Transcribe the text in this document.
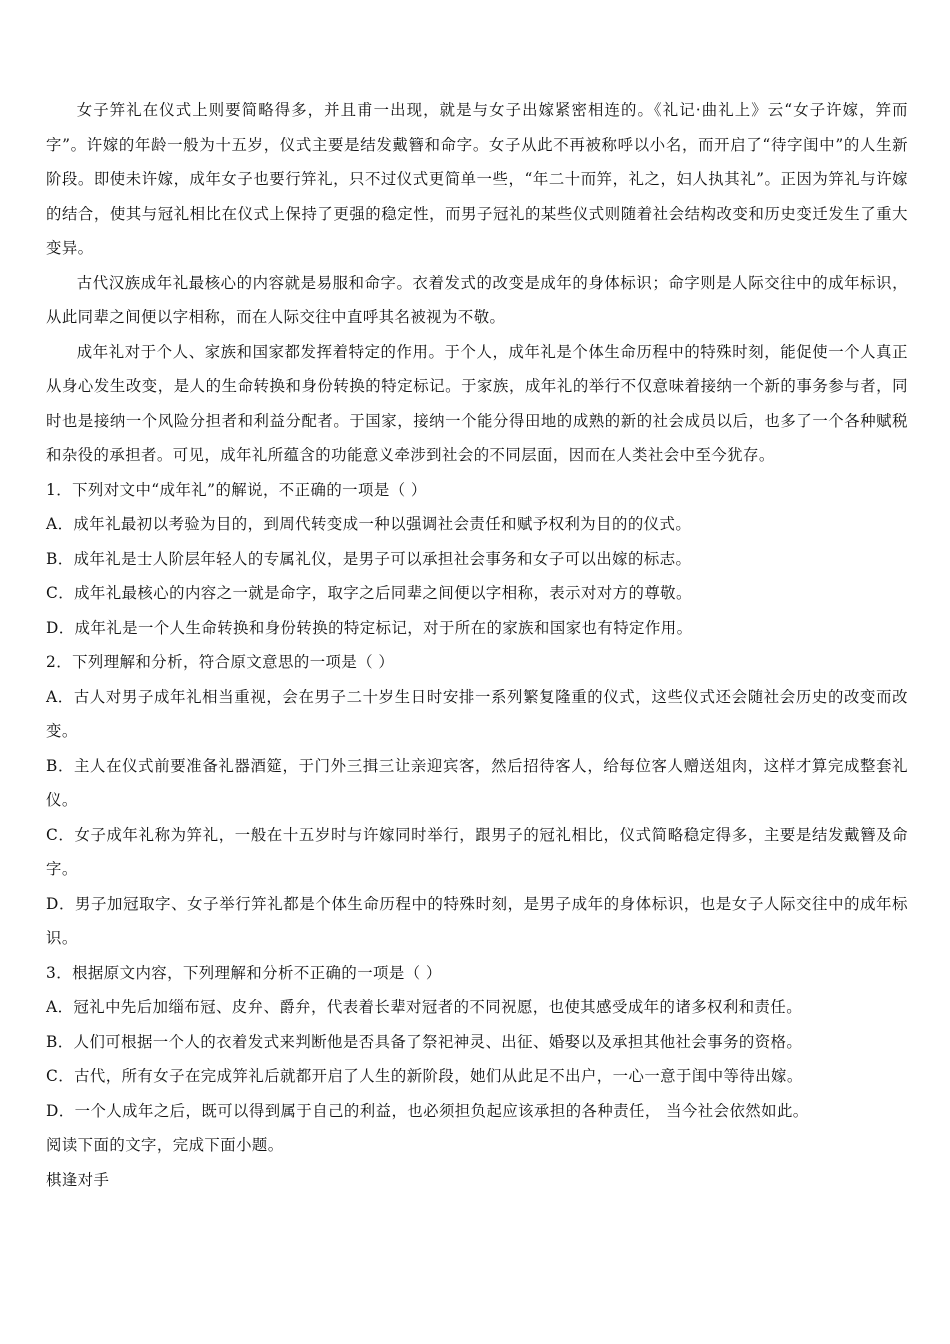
女子笄礼在仪式上则要简略得多，并且甫一出现，就是与女子出嫁紧密相连的。《礼记·曲礼上》云“女子许嫁，笄而字”。许嫁的年龄一般为十五岁，仪式主要是结发戴簪和命字。女子从此不再被称呼以小名，而开启了“待字闺中”的人生新阶段。即使未许嫁，成年女子也要行笄礼，只不过仪式更简单一些，“年二十而笄，礼之，妇人执其礼”。正因为笄礼与许嫁的结合，使其与冠礼相比在仪式上保持了更强的稳定性，而男子冠礼的某些仪式则随着社会结构改变和历史变迁发生了重大变异。

古代汉族成年礼最核心的内容就是易服和命字。衣着发式的改变是成年的身体标识；命字则是人际交往中的成年标识，从此同辈之间便以字相称，而在人际交往中直呼其名被视为不敬。

成年礼对于个人、家族和国家都发挥着特定的作用。于个人，成年礼是个体生命历程中的特殊时刻，能促使一个人真正从身心发生改变，是人的生命转换和身份转换的特定标记。于家族，成年礼的举行不仅意味着接纳一个新的事务参与者，同时也是接纳一个风险分担者和利益分配者。于国家，接纳一个能分得田地的成熟的新的社会成员以后，也多了一个各种赋税和杂役的承担者。可见，成年礼所蕴含的功能意义牵涉到社会的不同层面，因而在人类社会中至今犹存。

1．下列对文中“成年礼”的解说，不正确的一项是（ ）

A．成年礼最初以考验为目的，到周代转变成一种以强调社会责任和赋予权利为目的的仪式。

B．成年礼是士人阶层年轻人的专属礼仪，是男子可以承担社会事务和女子可以出嫁的标志。

C．成年礼最核心的内容之一就是命字，取字之后同辈之间便以字相称，表示对对方的尊敬。

D．成年礼是一个人生命转换和身份转换的特定标记，对于所在的家族和国家也有特定作用。

2．下列理解和分析，符合原文意思的一项是（ ）

A．古人对男子成年礼相当重视，会在男子二十岁生日时安排一系列繁复隆重的仪式，这些仪式还会随社会历史的改变而改变。

B．主人在仪式前要准备礼器酒筵，于门外三揖三让亲迎宾客，然后招待客人，给每位客人赠送俎肉，这样才算完成整套礼仪。

C．女子成年礼称为笄礼，一般在十五岁时与许嫁同时举行，跟男子的冠礼相比，仪式简略稳定得多，主要是结发戴簪及命字。

D．男子加冠取字、女子举行笄礼都是个体生命历程中的特殊时刻，是男子成年的身体标识，也是女子人际交往中的成年标识。

3．根据原文内容，下列理解和分析不正确的一项是（ ）

A．冠礼中先后加缁布冠、皮弁、爵弁，代表着长辈对冠者的不同祝愿，也使其感受成年的诸多权利和责任。

B．人们可根据一个人的衣着发式来判断他是否具备了祭祀神灵、出征、婚娶以及承担其他社会事务的资格。

C．古代，所有女子在完成笄礼后就都开启了人生的新阶段，她们从此足不出户，一心一意于闺中等待出嫁。

D．一个人成年之后，既可以得到属于自己的利益，也必须担负起应该承担的各种责任， 当今社会依然如此。

阅读下面的文字，完成下面小题。

棋逢对手
